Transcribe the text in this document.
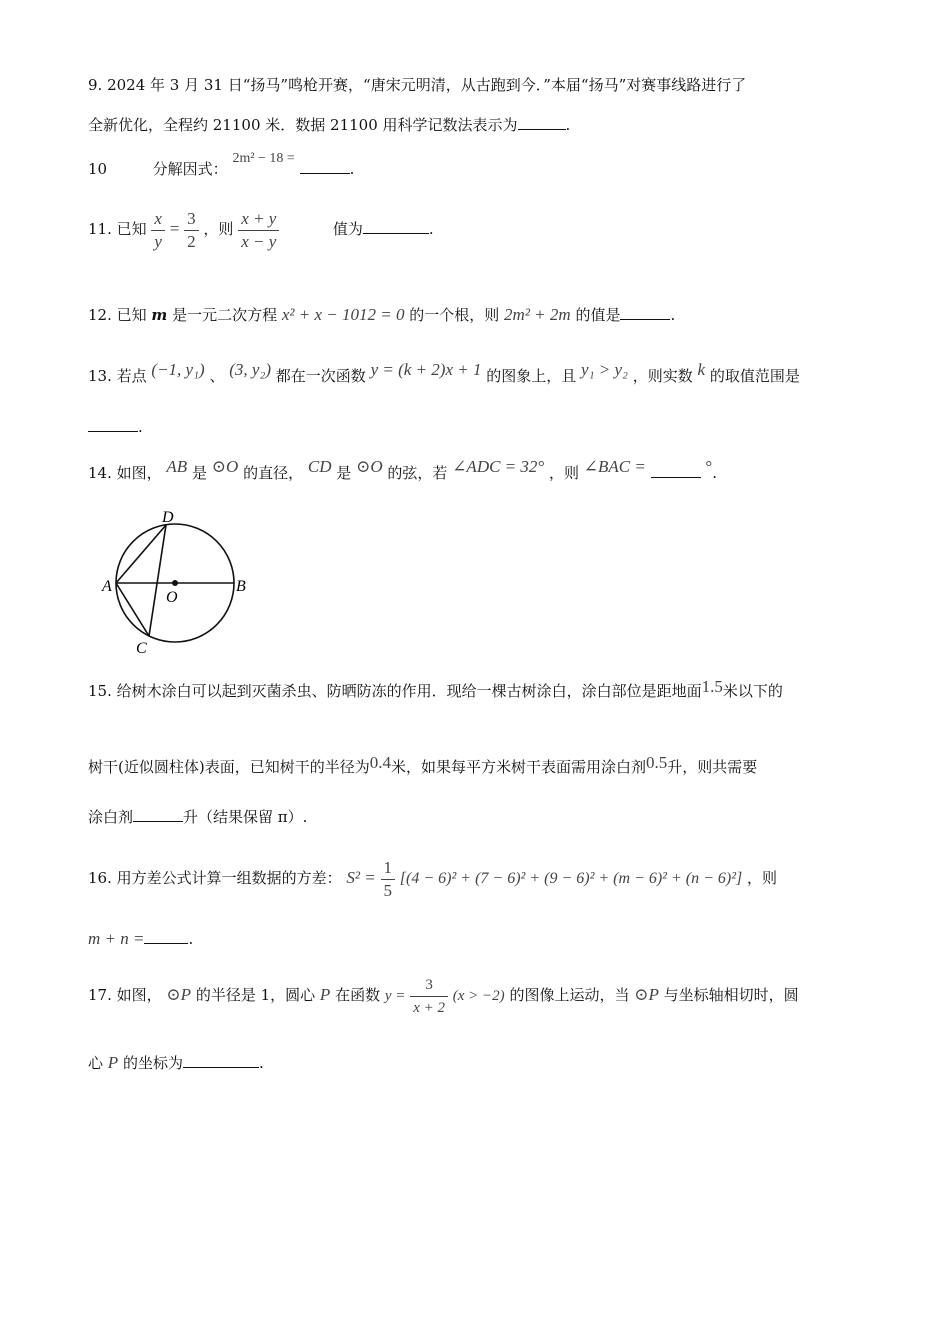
9. 2024 年 3 月 31 日“扬马”鸣枪开赛，“唐宋元明清，从古跑到今．”本届“扬马”对赛事线路进行了
全新优化，全程约 21100 米．数据 21100 用科学记数法表示为	.
10	分解因式： 2m² − 18 = .
11. 已知 $\frac{x}{y} = \frac{3}{2}$ ，则 $\frac{x + y}{x - y}$	值为	.
12. 已知 m 是一元二次方程 x² + x − 1012 = 0 的一个根，则 2m² + 2m 的值是	.
13. 若点 (−1, y₁) 、 (3, y₂) 都在一次函数 y = (k + 2)x + 1 的图象上，且 y₁ > y₂ ，则实数 k 的取值范围是
.
14. 如图， AB 是 ⊙O 的直径， CD 是 ⊙O 的弦，若 ∠ADC = 32° ，则 ∠BAC =	°.
A	B
C
D
O
15. 给树木涂白可以起到灭菌杀虫、防晒防冻的作用．现给一棵古树涂白，涂白部位是距地面1.5米以下的
树干(近似圆柱体)表面，已知树干的半径为0.4米，如果每平方米树干表面需用涂白剂0.5升，则共需要
涂白剂	升（结果保留 π）.
16. 用方差公式计算一组数据的方差： $S^2 = \frac{1}{5} [(4 - 6)^2 + (7 - 6)^2 + (9 - 6)^2 + (m - 6)^2 + (n - 6)^2]$ ，则
m + n =	.
17. 如图， ⊙P 的半径是 1，圆心 P 在函数 $y = \frac{3}{x + 2} (x > -2)$ 的图像上运动，当 ⊙P 与坐标轴相切时，圆
心 P 的坐标为	.
